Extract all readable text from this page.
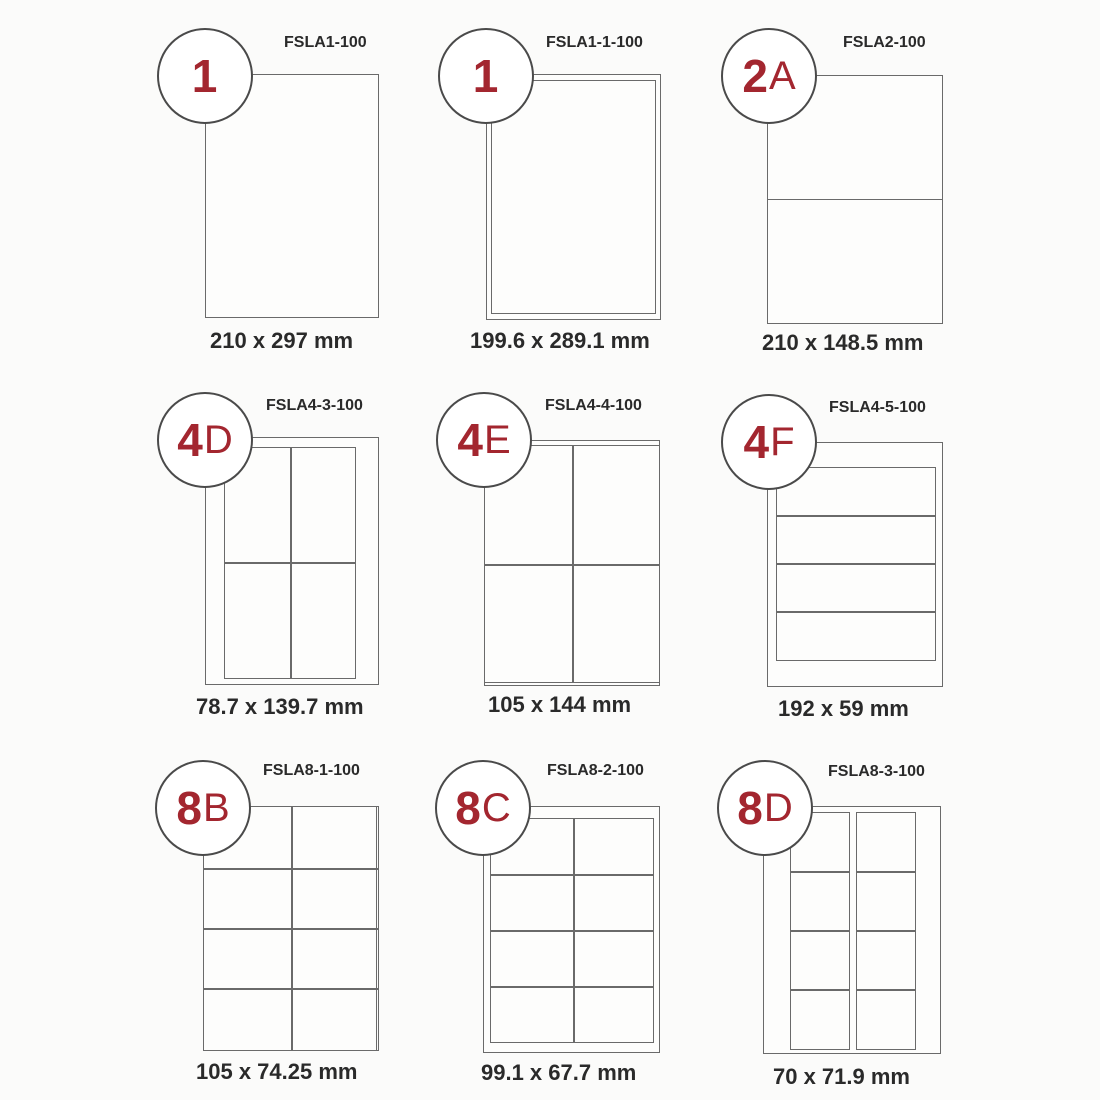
1
FSLA1-100
210 x 297 mm
1
FSLA1-1-100
199.6 x 289.1 mm
2 A
FSLA2-100
210 x 148.5 mm
4 D
FSLA4-3-100
78.7 x 139.7 mm
4 E
FSLA4-4-100
105 x 144 mm
4 F
FSLA4-5-100
192 x 59 mm
8 B
FSLA8-1-100
105 x 74.25 mm
8 C
FSLA8-2-100
99.1 x 67.7 mm
8 D
FSLA8-3-100
70 x 71.9 mm
